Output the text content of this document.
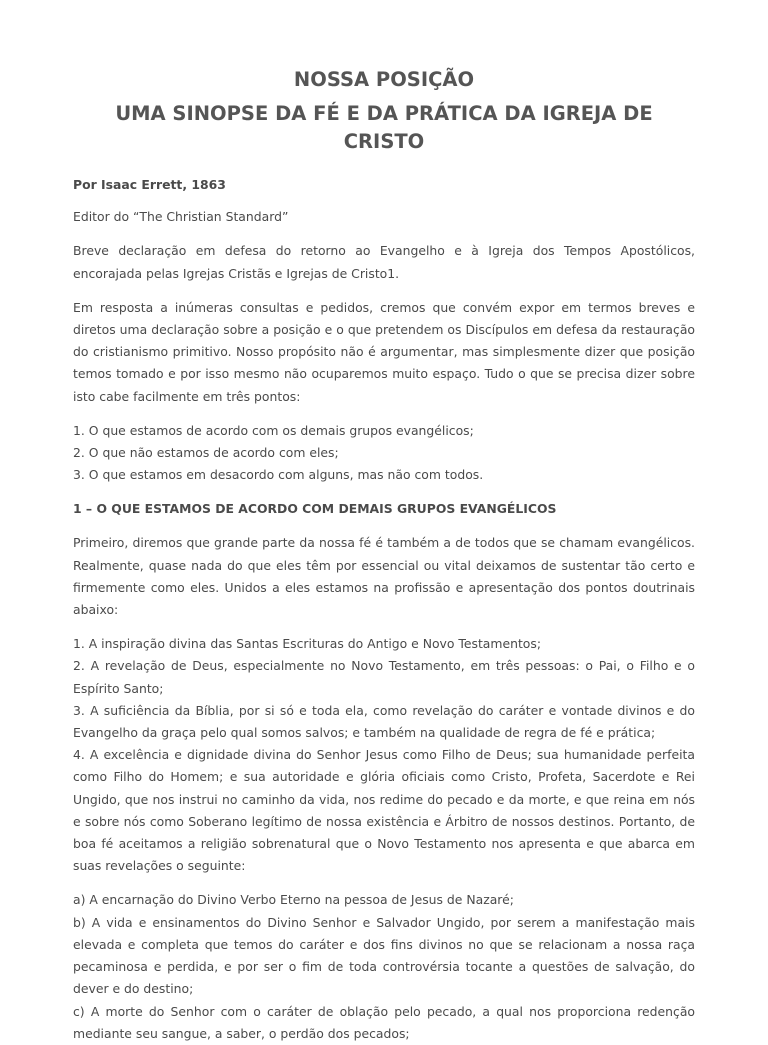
NOSSA POSIÇÃO
UMA SINOPSE DA FÉ E DA PRÁTICA DA IGREJA DE CRISTO

Por Isaac Errett, 1863

Editor do “The Christian Standard”

Breve declaração em defesa do retorno ao Evangelho e à Igreja dos Tempos Apostólicos, encorajada pelas Igrejas Cristãs e Igrejas de Cristo1.

Em resposta a inúmeras consultas e pedidos, cremos que convém expor em termos breves e diretos uma declaração sobre a posição e o que pretendem os Discípulos em defesa da restauração do cristianismo primitivo. Nosso propósito não é argumentar, mas simplesmente dizer que posição temos tomado e por isso mesmo não ocuparemos muito espaço. Tudo o que se precisa dizer sobre isto cabe facilmente em três pontos:

1. O que estamos de acordo com os demais grupos evangélicos;
2. O que não estamos de acordo com eles;
3. O que estamos em desacordo com alguns, mas não com todos.
1 – O QUE ESTAMOS DE ACORDO COM DEMAIS GRUPOS EVANGÉLICOS

Primeiro, diremos que grande parte da nossa fé é também a de todos que se chamam evangélicos. Realmente, quase nada do que eles têm por essencial ou vital deixamos de sustentar tão certo e firmemente como eles. Unidos a eles estamos na profissão e apresentação dos pontos doutrinais abaixo:

1. A inspiração divina das Santas Escrituras do Antigo e Novo Testamentos;
2. A revelação de Deus, especialmente no Novo Testamento, em três pessoas: o Pai, o Filho e o Espírito Santo;
3. A suficiência da Bíblia, por si só e toda ela, como revelação do caráter e vontade divinos e do Evangelho da graça pelo qual somos salvos; e também na qualidade de regra de fé e prática;
4. A excelência e dignidade divina do Senhor Jesus como Filho de Deus; sua humanidade perfeita como Filho do Homem; e sua autoridade e glória oficiais como Cristo, Profeta, Sacerdote e Rei Ungido, que nos instrui no caminho da vida, nos redime do pecado e da morte, e que reina em nós e sobre nós como Soberano legítimo de nossa existência e Árbitro de nossos destinos. Portanto, de boa fé aceitamos a religião sobrenatural que o Novo Testamento nos apresenta e que abarca em suas revelações o seguinte:
a) A encarnação do Divino Verbo Eterno na pessoa de Jesus de Nazaré;
b) A vida e ensinamentos do Divino Senhor e Salvador Ungido, por serem a manifestação mais elevada e completa que temos do caráter e dos fins divinos no que se relacionam a nossa raça pecaminosa e perdida, e por ser o fim de toda controvérsia tocante a questões de salvação, do dever e do destino;
c) A morte do Senhor com o caráter de oblação pelo pecado, a qual nos proporciona redenção mediante seu sangue, a saber, o perdão dos pecados;
